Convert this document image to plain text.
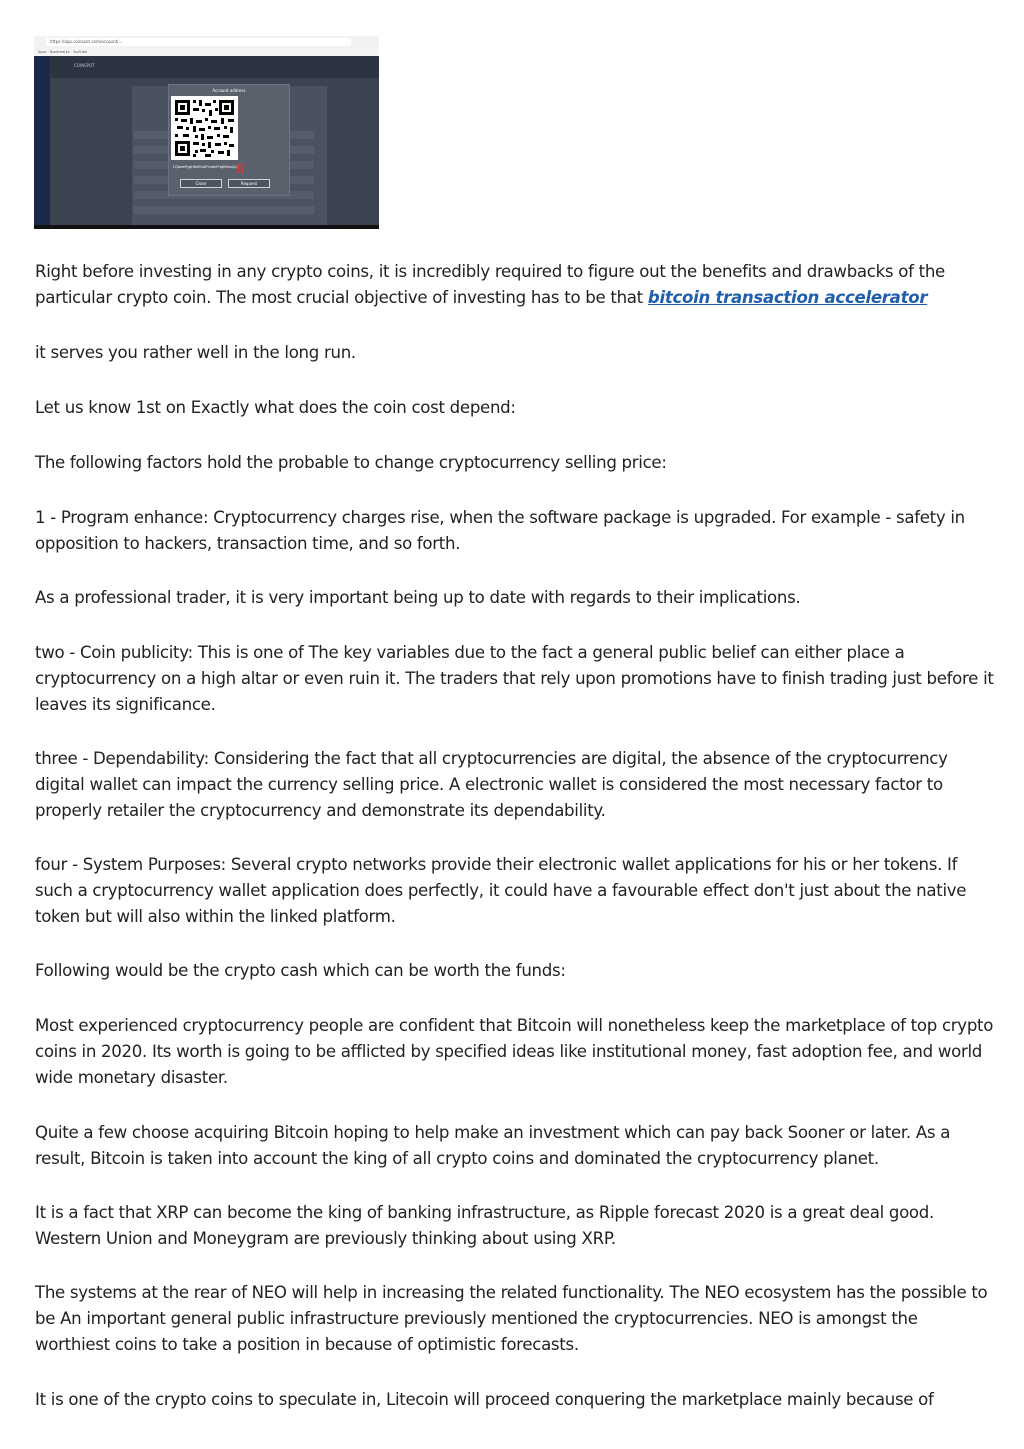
https://app.coinspot.com/account/...
Apps · Bookmarks · YouTube
COINSPOT
Account address
1QbwePygH6kEfqZFtnbkFHgM5bqZy3
Close	Request

Right before investing in any crypto coins, it is incredibly required to figure out the benefits and drawbacks of the particular crypto coin. The most crucial objective of investing has to be that bitcoin transaction accelerator

it serves you rather well in the long run.

Let us know 1st on Exactly what does the coin cost depend:

The following factors hold the probable to change cryptocurrency selling price:

1 - Program enhance: Cryptocurrency charges rise, when the software package is upgraded. For example - safety in opposition to hackers, transaction time, and so forth.

As a professional trader, it is very important being up to date with regards to their implications.

two - Coin publicity: This is one of The key variables due to the fact a general public belief can either place a cryptocurrency on a high altar or even ruin it. The traders that rely upon promotions have to finish trading just before it leaves its significance.

three - Dependability: Considering the fact that all cryptocurrencies are digital, the absence of the cryptocurrency digital wallet can impact the currency selling price. A electronic wallet is considered the most necessary factor to properly retailer the cryptocurrency and demonstrate its dependability.

four - System Purposes: Several crypto networks provide their electronic wallet applications for his or her tokens. If such a cryptocurrency wallet application does perfectly, it could have a favourable effect don't just about the native token but will also within the linked platform.

Following would be the crypto cash which can be worth the funds:

Most experienced cryptocurrency people are confident that Bitcoin will nonetheless keep the marketplace of top crypto coins in 2020. Its worth is going to be afflicted by specified ideas like institutional money, fast adoption fee, and world wide monetary disaster.

Quite a few choose acquiring Bitcoin hoping to help make an investment which can pay back Sooner or later. As a result, Bitcoin is taken into account the king of all crypto coins and dominated the cryptocurrency planet.

It is a fact that XRP can become the king of banking infrastructure, as Ripple forecast 2020 is a great deal good. Western Union and Moneygram are previously thinking about using XRP.

The systems at the rear of NEO will help in increasing the related functionality. The NEO ecosystem has the possible to be An important general public infrastructure previously mentioned the cryptocurrencies. NEO is amongst the worthiest coins to take a position in because of optimistic forecasts.

It is one of the crypto coins to speculate in, Litecoin will proceed conquering the marketplace mainly because of
